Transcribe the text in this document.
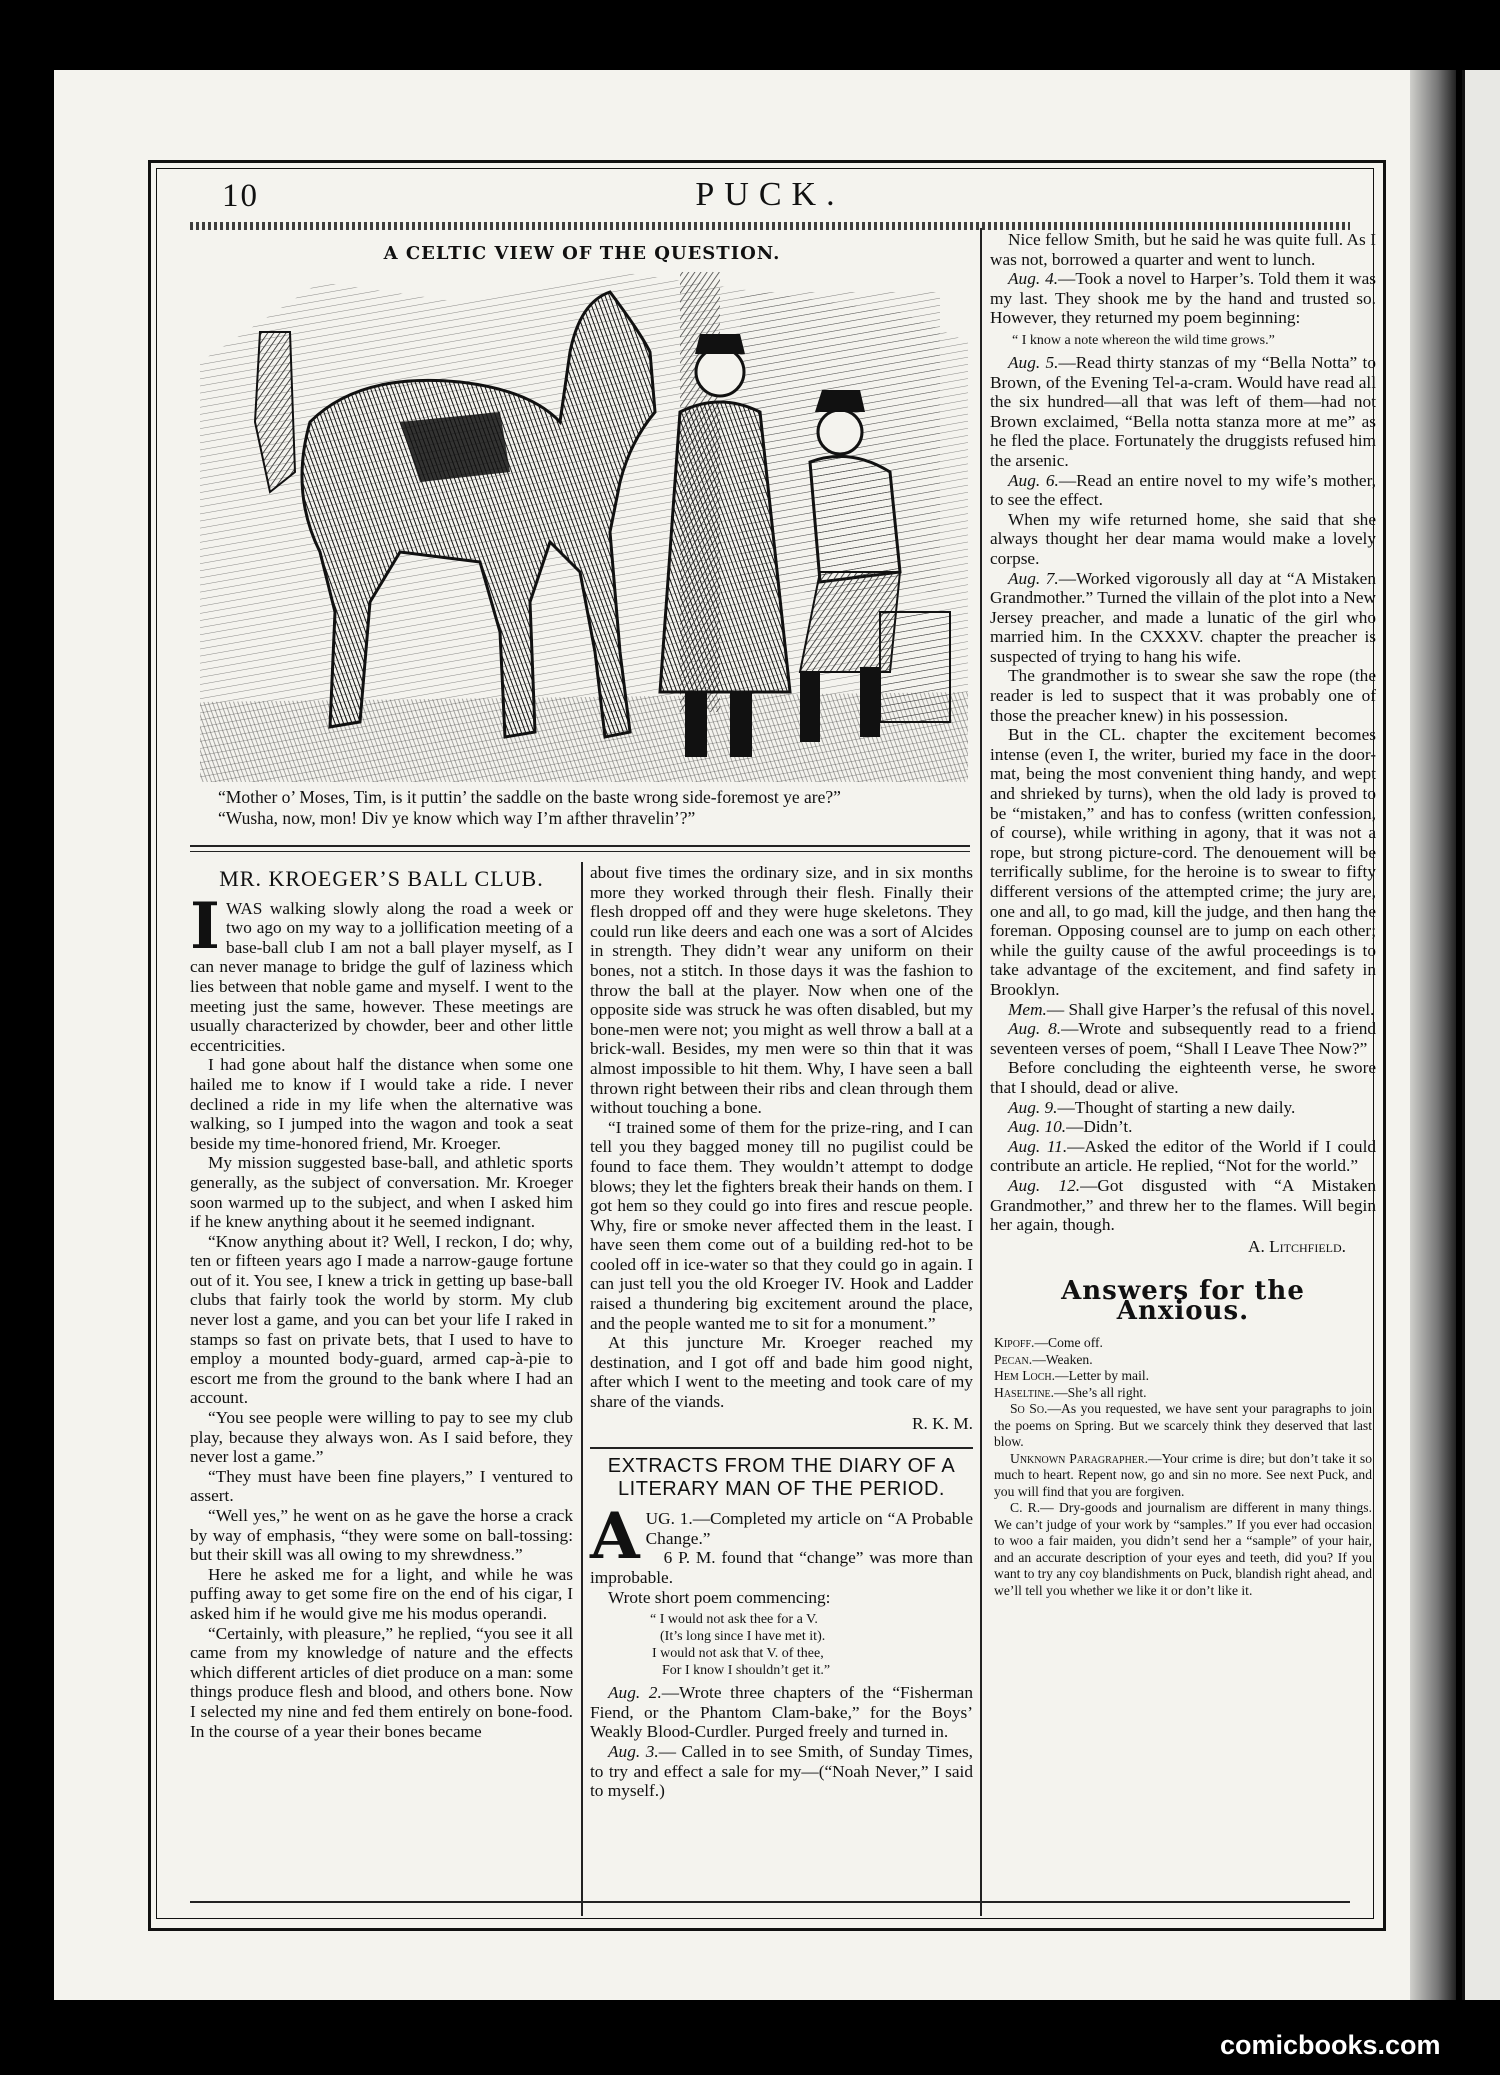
10	PUCK.
A CELTIC VIEW OF THE QUESTION.
“Mother o’ Moses, Tim, is it puttin’ the saddle on the baste wrong side-foremost ye are?”
“Wusha, now, mon! Div ye know which way I’m afther thravelin’?”
MR. KROEGER’S BALL CLUB.

IWAS walking slowly along the road a week or two ago on my way to a jollification meeting of a base-ball club I am not a ball player myself, as I can never manage to bridge the gulf of laziness which lies between that noble game and myself. I went to the meeting just the same, however. These meetings are usually characterized by chowder, beer and other little eccentricities.

I had gone about half the distance when some one hailed me to know if I would take a ride. I never declined a ride in my life when the alternative was walking, so I jumped into the wagon and took a seat beside my time-honored friend, Mr. Kroeger.

My mission suggested base-ball, and athletic sports generally, as the subject of conversation. Mr. Kroeger soon warmed up to the subject, and when I asked him if he knew anything about it he seemed indignant.

“Know anything about it? Well, I reckon, I do; why, ten or fifteen years ago I made a narrow-gauge fortune out of it. You see, I knew a trick in getting up base-ball clubs that fairly took the world by storm. My club never lost a game, and you can bet your life I raked in stamps so fast on private bets, that I used to have to employ a mounted body-guard, armed cap-à-pie to escort me from the ground to the bank where I had an account.

“You see people were willing to pay to see my club play, because they always won. As I said before, they never lost a game.”

“They must have been fine players,” I ventured to assert.

“Well yes,” he went on as he gave the horse a crack by way of emphasis, “they were some on ball-tossing: but their skill was all owing to my shrewdness.”

Here he asked me for a light, and while he was puffing away to get some fire on the end of his cigar, I asked him if he would give me his modus operandi.

“Certainly, with pleasure,” he replied, “you see it all came from my knowledge of nature and the effects which different articles of diet produce on a man: some things produce flesh and blood, and others bone. Now I selected my nine and fed them entirely on bone-food. In the course of a year their bones became

about five times the ordinary size, and in six months more they worked through their flesh. Finally their flesh dropped off and they were huge skeletons. They could run like deers and each one was a sort of Alcides in strength. They didn’t wear any uniform on their bones, not a stitch. In those days it was the fashion to throw the ball at the player. Now when one of the opposite side was struck he was often disabled, but my bone-men were not; you might as well throw a ball at a brick-wall. Besides, my men were so thin that it was almost impossible to hit them. Why, I have seen a ball thrown right between their ribs and clean through them without touching a bone.

“I trained some of them for the prize-ring, and I can tell you they bagged money till no pugilist could be found to face them. They wouldn’t attempt to dodge blows; they let the fighters break their hands on them. I got hem so they could go into fires and rescue people. Why, fire or smoke never affected them in the least. I have seen them come out of a building red-hot to be cooled off in ice-water so that they could go in again. I can just tell you the old Kroeger IV. Hook and Ladder raised a thundering big excitement around the place, and the people wanted me to sit for a monument.”

At this juncture Mr. Kroeger reached my destination, and I got off and bade him good night, after which I went to the meeting and took care of my share of the viands.

R. K. M.
EXTRACTS FROM THE DIARY OF A LITERARY MAN OF THE PERIOD.

AUG. 1.—Completed my article on “A Probable Change.”

6 P. M. found that “change” was more than improbable.

Wrote short poem commencing:

“ I would not ask thee for a V.
(It’s long since I have met it).
I would not ask that V. of thee,
For I know I shouldn’t get it.”

Aug. 2.—Wrote three chapters of the “Fisherman Fiend, or the Phantom Clam-bake,” for the Boys’ Weakly Blood-Curdler. Purged freely and turned in.

Aug. 3.— Called in to see Smith, of Sunday Times, to try and effect a sale for my—(“Noah Never,” I said to myself.)

Nice fellow Smith, but he said he was quite full. As I was not, borrowed a quarter and went to lunch.

Aug. 4.—Took a novel to Harper’s. Told them it was my last. They shook me by the hand and trusted so. However, they returned my poem beginning:

“ I know a note whereon the wild time grows.”

Aug. 5.—Read thirty stanzas of my “Bella Notta” to Brown, of the Evening Tel-a-cram. Would have read all the six hundred—all that was left of them—had not Brown exclaimed, “Bella notta stanza more at me” as he fled the place. Fortunately the druggists refused him the arsenic.

Aug. 6.—Read an entire novel to my wife’s mother, to see the effect.

When my wife returned home, she said that she always thought her dear mama would make a lovely corpse.

Aug. 7.—Worked vigorously all day at “A Mistaken Grandmother.” Turned the villain of the plot into a New Jersey preacher, and made a lunatic of the girl who married him. In the CXXXV. chapter the preacher is suspected of trying to hang his wife.

The grandmother is to swear she saw the rope (the reader is led to suspect that it was probably one of those the preacher knew) in his possession.

But in the CL. chapter the excitement becomes intense (even I, the writer, buried my face in the door-mat, being the most convenient thing handy, and wept and shrieked by turns), when the old lady is proved to be “mistaken,” and has to confess (written confession, of course), while writhing in agony, that it was not a rope, but strong picture-cord. The denouement will be terrifically sublime, for the heroine is to swear to fifty different versions of the attempted crime; the jury are, one and all, to go mad, kill the judge, and then hang the foreman. Opposing counsel are to jump on each other; while the guilty cause of the awful proceedings is to take advantage of the excitement, and find safety in Brooklyn.

Mem.— Shall give Harper’s the refusal of this novel.

Aug. 8.—Wrote and subsequently read to a friend seventeen verses of poem, “Shall I Leave Thee Now?”

Before concluding the eighteenth verse, he swore that I should, dead or alive.

Aug. 9.—Thought of starting a new daily.

Aug. 10.—Didn’t.

Aug. 11.—Asked the editor of the World if I could contribute an article. He replied, “Not for the world.”

Aug. 12.—Got disgusted with “A Mistaken Grandmother,” and threw her to the flames. Will begin her again, though.

A. Litchfield.
Answers for the Anxious.
Kipoff.—Come off.
Pecan.—Weaken.
Hem Loch.—Letter by mail.
Haseltine.—She’s all right.

So So.—As you requested, we have sent your paragraphs to join the poems on Spring. But we scarcely think they deserved that last blow.

Unknown Paragrapher.—Your crime is dire; but don’t take it so much to heart. Repent now, go and sin no more. See next Puck, and you will find that you are forgiven.

C. R.— Dry-goods and journalism are different in many things. We can’t judge of your work by “samples.” If you ever had occasion to woo a fair maiden, you didn’t send her a “sample” of your hair, and an accurate description of your eyes and teeth, did you? If you want to try any coy blandishments on Puck, blandish right ahead, and we’ll tell you whether we like it or don’t like it.

comicbooks.com
